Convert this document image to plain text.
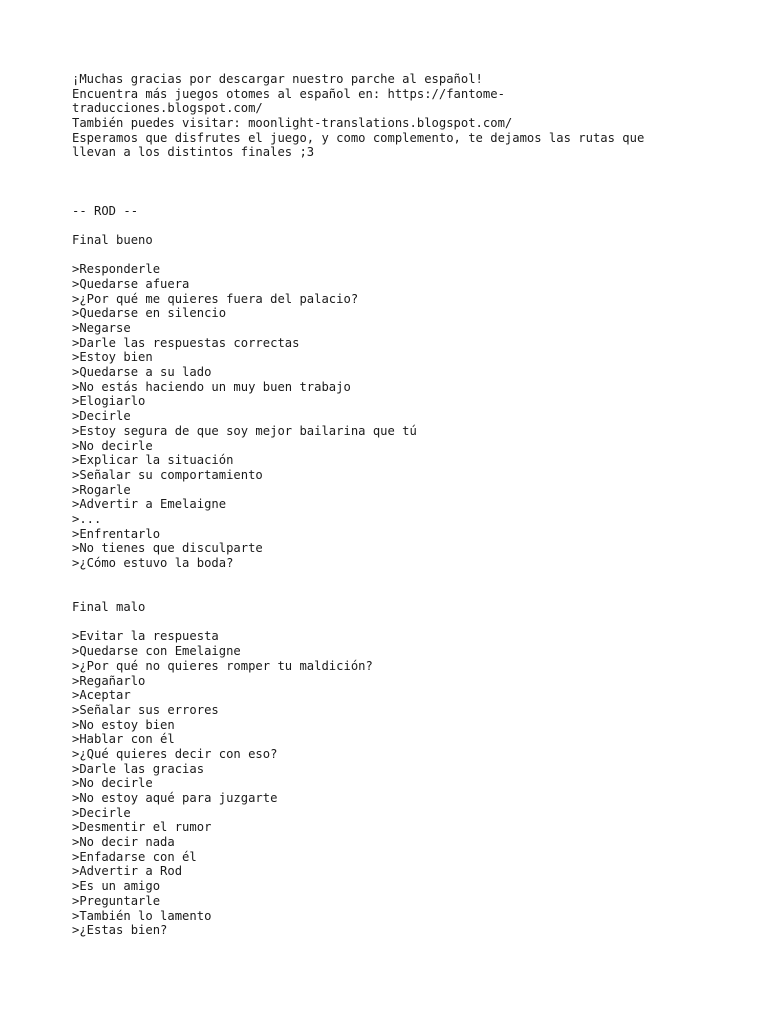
¡Muchas gracias por descargar nuestro parche al español!
Encuentra más juegos otomes al español en: https://fantome-
traducciones.blogspot.com/
También puedes visitar: moonlight-translations.blogspot.com/
Esperamos que disfrutes el juego, y como complemento, te dejamos las rutas que
llevan a los distintos finales ;3
-- ROD --
Final bueno
>Responderle
>Quedarse afuera
>¿Por qué me quieres fuera del palacio?
>Quedarse en silencio
>Negarse
>Darle las respuestas correctas
>Estoy bien
>Quedarse a su lado
>No estás haciendo un muy buen trabajo
>Elogiarlo
>Decirle
>Estoy segura de que soy mejor bailarina que tú
>No decirle
>Explicar la situación
>Señalar su comportamiento
>Rogarle
>Advertir a Emelaigne
>...
>Enfrentarlo
>No tienes que disculparte
>¿Cómo estuvo la boda?
Final malo
>Evitar la respuesta
>Quedarse con Emelaigne
>¿Por qué no quieres romper tu maldición?
>Regañarlo
>Aceptar
>Señalar sus errores
>No estoy bien
>Hablar con él
>¿Qué quieres decir con eso?
>Darle las gracias
>No decirle
>No estoy aqué para juzgarte
>Decirle
>Desmentir el rumor
>No decir nada
>Enfadarse con él
>Advertir a Rod
>Es un amigo
>Preguntarle
>También lo lamento
>¿Estas bien?
